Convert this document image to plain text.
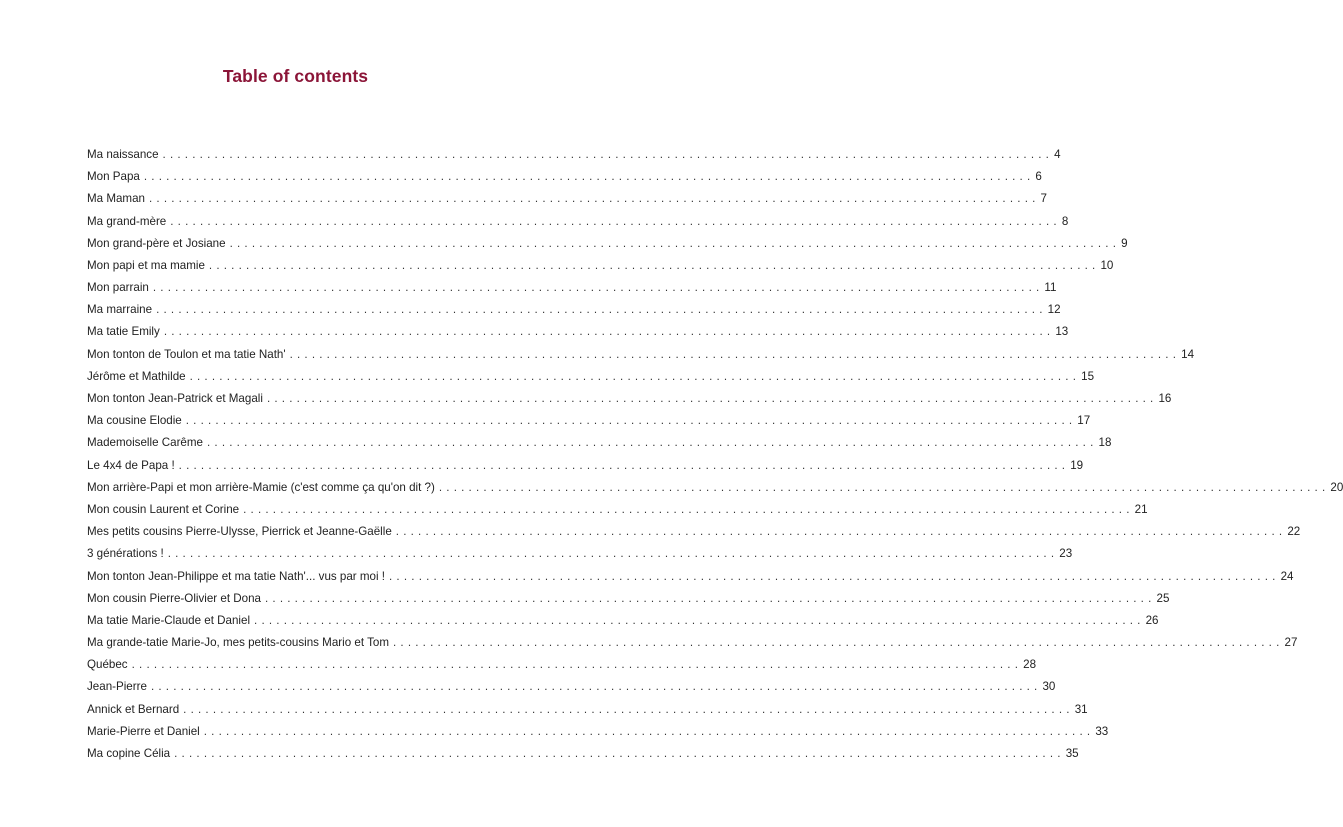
Table of contents
Ma naissance ........................................................................................................................ 4
Mon Papa ........................................................................................................................ 6
Ma Maman ........................................................................................................................ 7
Ma grand-mère ........................................................................................................................ 8
Mon grand-père et Josiane ........................................................................................................................ 9
Mon papi et ma mamie ........................................................................................................................ 10
Mon parrain ........................................................................................................................ 11
Ma marraine ........................................................................................................................ 12
Ma tatie Emily ........................................................................................................................ 13
Mon tonton de Toulon et ma tatie Nath' ........................................................................................................................ 14
Jérôme et Mathilde ........................................................................................................................ 15
Mon tonton Jean-Patrick et Magali ........................................................................................................................ 16
Ma cousine Elodie ........................................................................................................................ 17
Mademoiselle Carême ........................................................................................................................ 18
Le 4x4 de Papa ! ........................................................................................................................ 19
Mon arrière-Papi et mon arrière-Mamie (c'est comme ça qu'on dit ?) ........................................................................................................................ 20
Mon cousin Laurent et Corine ........................................................................................................................ 21
Mes petits cousins Pierre-Ulysse, Pierrick et Jeanne-Gaëlle ........................................................................................................................ 22
3 générations ! ........................................................................................................................ 23
Mon tonton Jean-Philippe et ma tatie Nath'... vus par moi ! ........................................................................................................................ 24
Mon cousin Pierre-Olivier et Dona ........................................................................................................................ 25
Ma tatie Marie-Claude et Daniel ........................................................................................................................ 26
Ma grande-tatie Marie-Jo, mes petits-cousins Mario et Tom ........................................................................................................................ 27
Québec ........................................................................................................................ 28
Jean-Pierre ........................................................................................................................ 30
Annick et Bernard ........................................................................................................................ 31
Marie-Pierre et Daniel ........................................................................................................................ 33
Ma copine Célia ........................................................................................................................ 35
